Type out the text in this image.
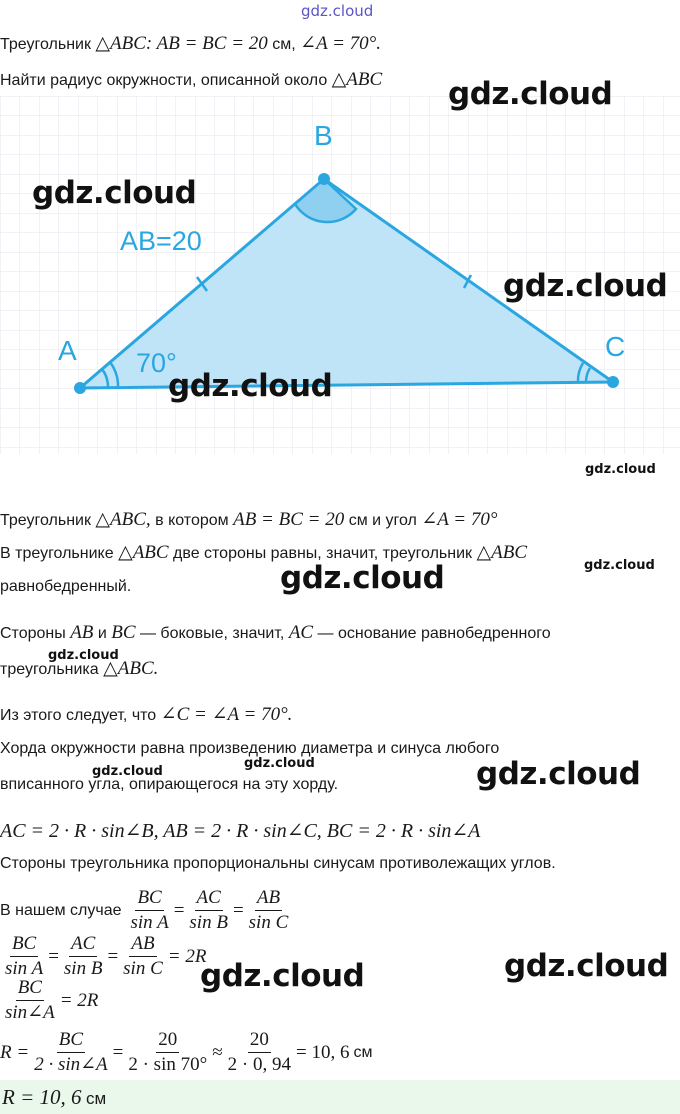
gdz.cloud
Треугольник △ABC: AB = BC = 20 см, ∠A = 70°.
Найти радиус окружности, описанной около △ABC
B
A	C
AB=20
70°
Треугольник △ABC, в котором AB = BC = 20 см и угол ∠A = 70°
В треугольнике △ABC две стороны равны, значит, треугольник △ABC
равнобедренный.
Стороны AB и BC — боковые, значит, AC — основание равнобедренного
треугольника △ABC.
Из этого следует, что ∠C = ∠A = 70°.
Хорда окружности равна произведению диаметра и синуса любого
вписанного угла, опирающегося на эту хорду.
AC = 2 · R · sin∠B, AB = 2 · R · sin∠C, BC = 2 · R · sin∠A
Стороны треугольника пропорциональны синусам противолежащих углов.
В нашем случае $\frac{BC}{\text{sin A}} = \frac{AC}{\text{sin B}} = \frac{AB}{\text{sin C}}$
$\frac{BC}{\text{sin A}} = \frac{AC}{\text{sin B}} = \frac{AB}{\text{sin C}} = 2R$
$\frac{BC}{\sin\angle A} = 2R$
$R = \frac{BC}{2 \cdot \sin\angle A} = \frac{20}{2 \cdot \sin 70^\circ} \approx \frac{20}{2 \cdot 0, 94} = 10$, 6 см
R = 10, 6 см
gdz.cloud
gdz.cloud
gdz.cloud
gdz.cloud
gdz.cloud
gdz.cloud	gdz.cloud
gdz.cloud
gdz.cloud
gdz.cloud	gdz.cloud
gdz.cloud
gdz.cloud
